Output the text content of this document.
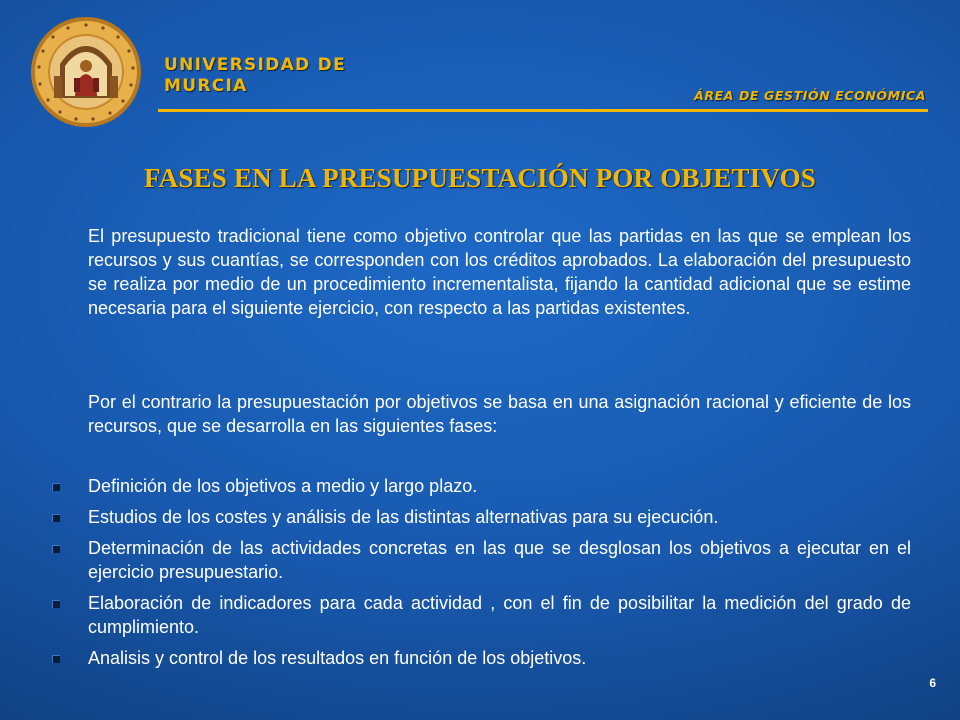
UNIVERSIDAD DE MURCIA	ÁREA DE GESTIÓN ECONÓMICA
FASES EN LA PRESUPUESTACIÓN POR OBJETIVOS

El presupuesto tradicional tiene como objetivo controlar que las partidas en las que se emplean los recursos y sus cuantías, se corresponden con los créditos aprobados. La elaboración del presupuesto se realiza por medio de un procedimiento incrementalista, fijando la cantidad adicional que se estime necesaria para el siguiente ejercicio, con respecto a las partidas existentes.

Por el contrario la presupuestación por objetivos se basa en una asignación racional y eficiente de los recursos, que se desarrolla en las siguientes fases:

Definición de los objetivos a medio y largo plazo.
Estudios de los costes y análisis de las distintas alternativas para su ejecución.
Determinación de las actividades concretas en las que se desglosan los objetivos a ejecutar en el ejercicio presupuestario.
Elaboración de indicadores para cada actividad , con el fin de posibilitar la medición del grado de cumplimiento.
Analisis y control de los resultados en función de los objetivos.
6
